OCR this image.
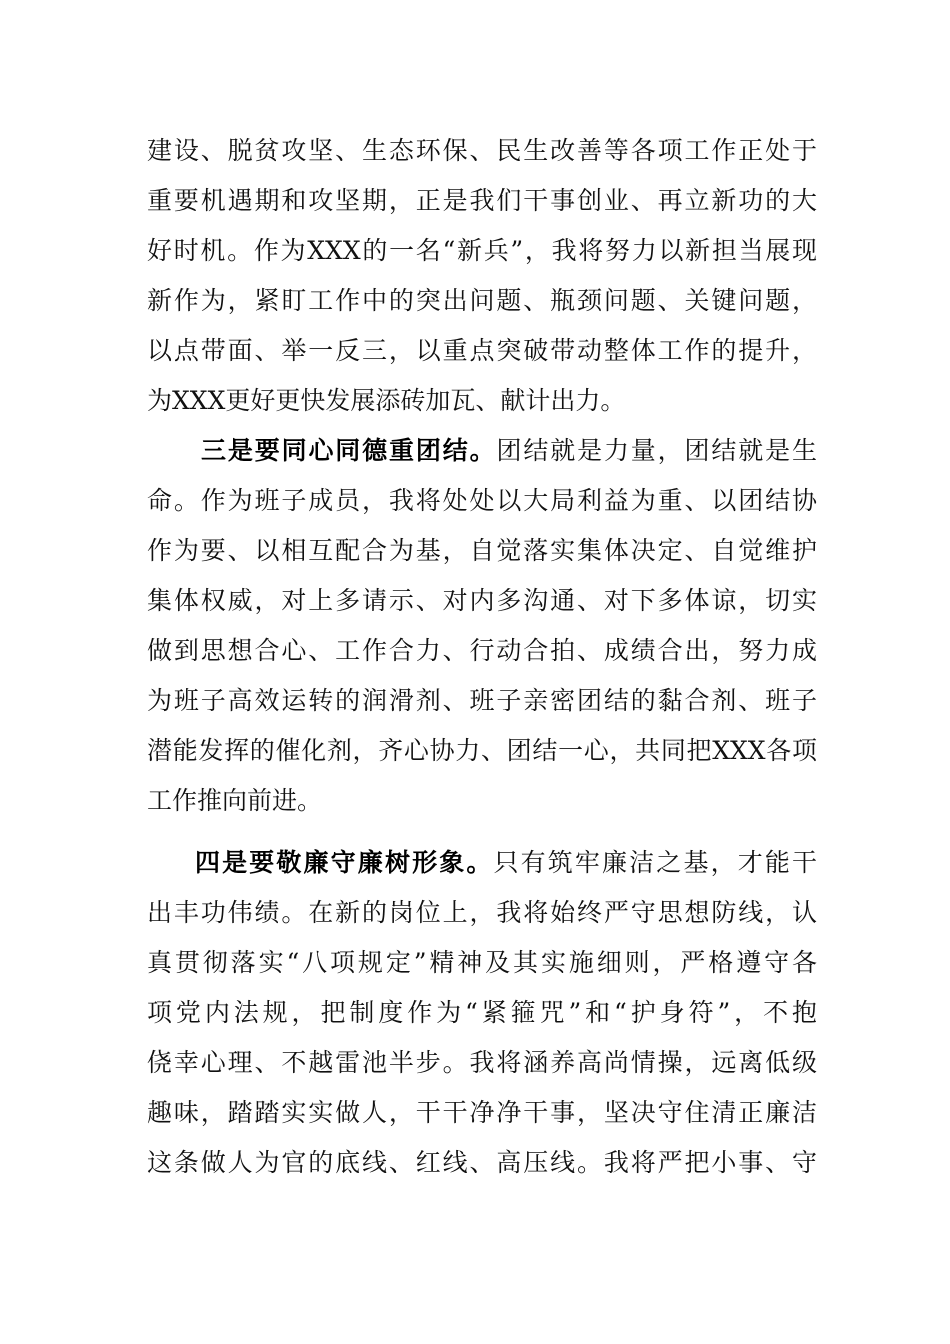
建设、脱贫攻坚、生态环保、民生改善等各项工作正处于
重要机遇期和攻坚期，正是我们干事创业、再立新功的大
好时机。作为XXX的一名“新兵”，我将努力以新担当展现
新作为，紧盯工作中的突出问题、瓶颈问题、关键问题，
以点带面、举一反三，以重点突破带动整体工作的提升，
为XXX更好更快发展添砖加瓦、献计出力。
三是要同心同德重团结。团结就是力量，团结就是生
命。作为班子成员，我将处处以大局利益为重、以团结协
作为要、以相互配合为基，自觉落实集体决定、自觉维护
集体权威，对上多请示、对内多沟通、对下多体谅，切实
做到思想合心、工作合力、行动合拍、成绩合出，努力成
为班子高效运转的润滑剂、班子亲密团结的黏合剂、班子
潜能发挥的催化剂，齐心协力、团结一心，共同把XXX各项
工作推向前进。
四是要敬廉守廉树形象。只有筑牢廉洁之基，才能干
出丰功伟绩。在新的岗位上，我将始终严守思想防线，认
真贯彻落实“八项规定”精神及其实施细则，严格遵守各
项党内法规，把制度作为“紧箍咒”和“护身符”，不抱
侥幸心理、不越雷池半步。我将涵养高尚情操，远离低级
趣味，踏踏实实做人，干干净净干事，坚决守住清正廉洁
这条做人为官的底线、红线、高压线。我将严把小事、守
